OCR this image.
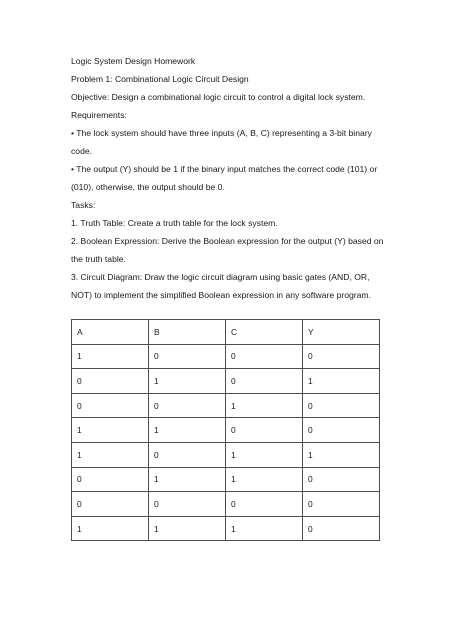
Logic System Design Homework
Problem 1: Combinational Logic Circuit Design
Objective: Design a combinational logic circuit to control a digital lock system.
Requirements:
• The lock system should have three inputs (A, B, C) representing a 3-bit binary
code.
• The output (Y) should be 1 if the binary input matches the correct code (101) or
(010), otherwise, the output should be 0.
Tasks:
1. Truth Table: Create a truth table for the lock system.
2. Boolean Expression: Derive the Boolean expression for the output (Y) based on
the truth table.
3. Circuit Diagram: Draw the logic circuit diagram using basic gates (AND, OR,
NOT) to implement the simplified Boolean expression in any software program.
A	B	C	Y
1	0	0	0
0	1	0	1
0	0	1	0
1	1	0	0
1	0	1	1
0	1	1	0
0	0	0	0
1	1	1	0
